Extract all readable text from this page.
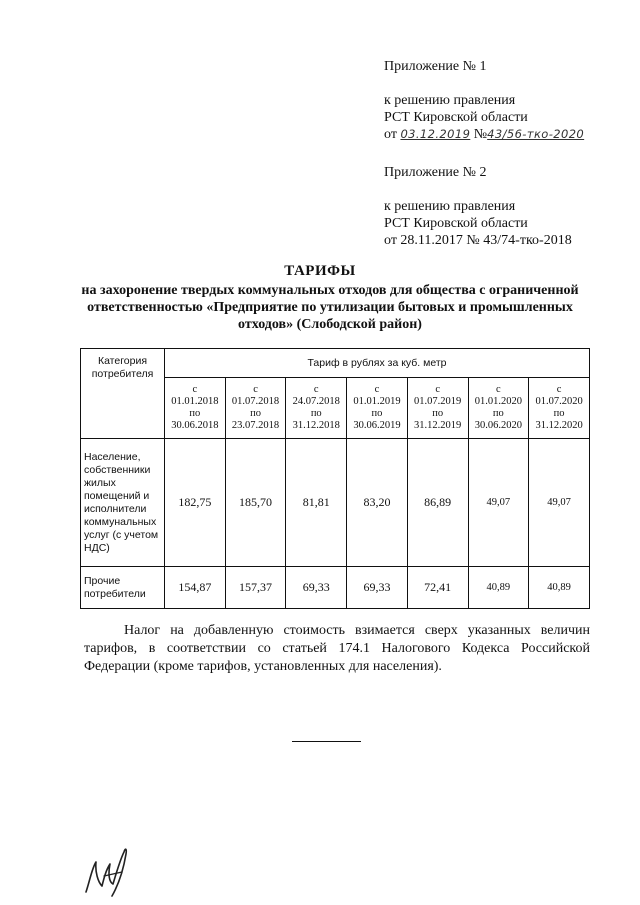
Приложение № 1
к решению правления
РСТ Кировской области
от 03.12.2019 №43/56-тко-2020
Приложение № 2
к решению правления
РСТ Кировской области
от 28.11.2017 № 43/74-тко-2018
ТАРИФЫ
на захоронение твердых коммунальных отходов для общества с ограниченной ответственностью «Предприятие по утилизации бытовых и промышленных отходов» (Слободской район)
Категория потребителя	Тариф в рублях за куб. метр						
	с
01.01.2018
по
30.06.2018	с
01.07.2018
по
23.07.2018	с
24.07.2018
по
31.12.2018	с
01.01.2019
по
30.06.2019	с
01.07.2019
по
31.12.2019	с
01.01.2020
по
30.06.2020	с
01.07.2020
по
31.12.2020
Население, собственники жилых помещений и исполнители коммунальных услуг (с учетом НДС)	182,75	185,70	81,81	83,20	86,89	49,07	49,07
Прочие потребители	154,87	157,37	69,33	69,33	72,41	40,89	40,89
Налог на добавленную стоимость взимается сверх указанных величин тарифов, в соответствии со статьей 174.1 Налогового Кодекса Российской Федерации (кроме тарифов, установленных для населения).
